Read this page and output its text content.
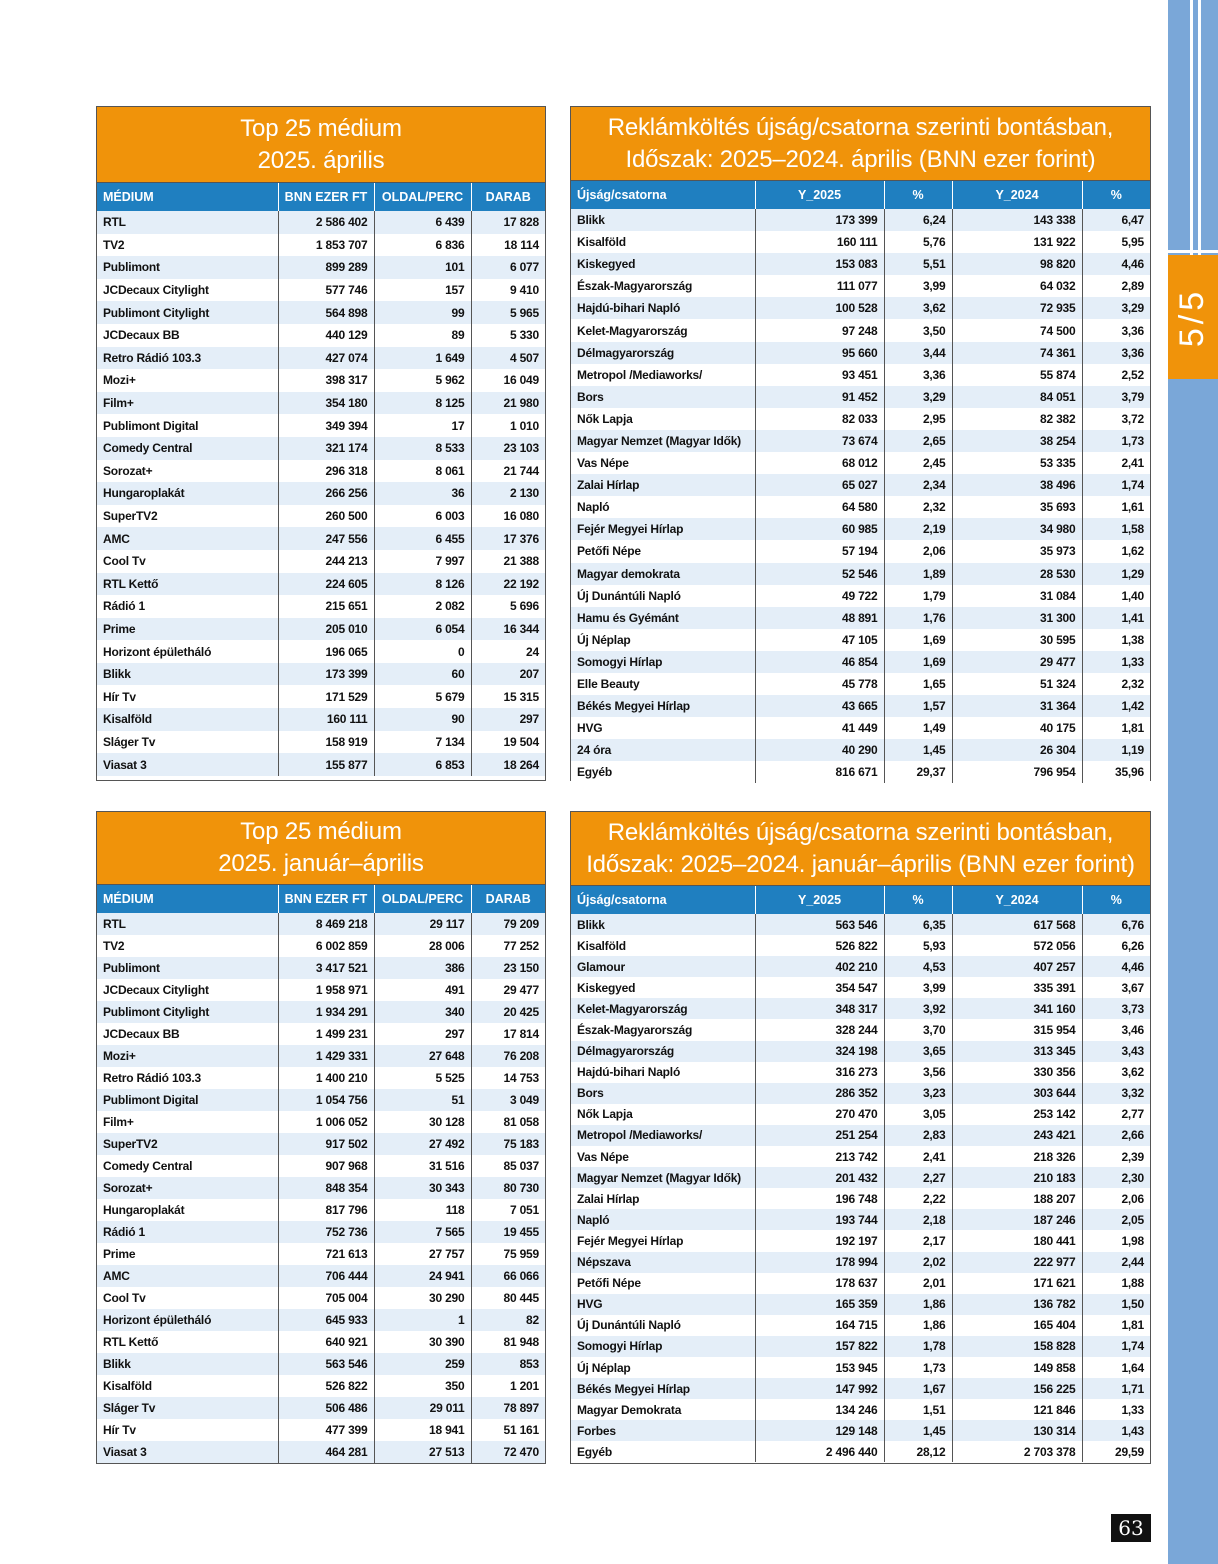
Top 25 médium
2025. április
MÉDIUM	BNN EZER FT	OLDAL/PERC	DARAB
RTL	2 586 402	6 439	17 828
TV2	1 853 707	6 836	18 114
Publimont	899 289	101	6 077
JCDecaux Citylight	577 746	157	9 410
Publimont Citylight	564 898	99	5 965
JCDecaux BB	440 129	89	5 330
Retro Rádió 103.3	427 074	1 649	4 507
Mozi+	398 317	5 962	16 049
Film+	354 180	8 125	21 980
Publimont Digital	349 394	17	1 010
Comedy Central	321 174	8 533	23 103
Sorozat+	296 318	8 061	21 744
Hungaroplakát	266 256	36	2 130
SuperTV2	260 500	6 003	16 080
AMC	247 556	6 455	17 376
Cool Tv	244 213	7 997	21 388
RTL Kettő	224 605	8 126	22 192
Rádió 1	215 651	2 082	5 696
Prime	205 010	6 054	16 344
Horizont épületháló	196 065	0	24
Blikk	173 399	60	207
Hír Tv	171 529	5 679	15 315
Kisalföld	160 111	90	297
Sláger Tv	158 919	7 134	19 504
Viasat 3	155 877	6 853	18 264
Reklámköltés újság/csatorna szerinti bontásban,
Időszak: 2025–2024. április (BNN ezer forint)
Újság/csatorna	Y_2025	%	Y_2024	%
Blikk	173 399	6,24	143 338	6,47
Kisalföld	160 111	5,76	131 922	5,95
Kiskegyed	153 083	5,51	98 820	4,46
Észak-Magyarország	111 077	3,99	64 032	2,89
Hajdú-bihari Napló	100 528	3,62	72 935	3,29
Kelet-Magyarország	97 248	3,50	74 500	3,36
Délmagyarország	95 660	3,44	74 361	3,36
Metropol /Mediaworks/	93 451	3,36	55 874	2,52
Bors	91 452	3,29	84 051	3,79
Nők Lapja	82 033	2,95	82 382	3,72
Magyar Nemzet (Magyar Idők)	73 674	2,65	38 254	1,73
Vas Népe	68 012	2,45	53 335	2,41
Zalai Hírlap	65 027	2,34	38 496	1,74
Napló	64 580	2,32	35 693	1,61
Fejér Megyei Hírlap	60 985	2,19	34 980	1,58
Petőfi Népe	57 194	2,06	35 973	1,62
Magyar demokrata	52 546	1,89	28 530	1,29
Új Dunántúli Napló	49 722	1,79	31 084	1,40
Hamu és Gyémánt	48 891	1,76	31 300	1,41
Új Néplap	47 105	1,69	30 595	1,38
Somogyi Hírlap	46 854	1,69	29 477	1,33
Elle Beauty	45 778	1,65	51 324	2,32
Békés Megyei Hírlap	43 665	1,57	31 364	1,42
HVG	41 449	1,49	40 175	1,81
24 óra	40 290	1,45	26 304	1,19
Egyéb	816 671	29,37	796 954	35,96
Top 25 médium
2025. január–április
MÉDIUM	BNN EZER FT	OLDAL/PERC	DARAB
RTL	8 469 218	29 117	79 209
TV2	6 002 859	28 006	77 252
Publimont	3 417 521	386	23 150
JCDecaux Citylight	1 958 971	491	29 477
Publimont Citylight	1 934 291	340	20 425
JCDecaux BB	1 499 231	297	17 814
Mozi+	1 429 331	27 648	76 208
Retro Rádió 103.3	1 400 210	5 525	14 753
Publimont Digital	1 054 756	51	3 049
Film+	1 006 052	30 128	81 058
SuperTV2	917 502	27 492	75 183
Comedy Central	907 968	31 516	85 037
Sorozat+	848 354	30 343	80 730
Hungaroplakát	817 796	118	7 051
Rádió 1	752 736	7 565	19 455
Prime	721 613	27 757	75 959
AMC	706 444	24 941	66 066
Cool Tv	705 004	30 290	80 445
Horizont épületháló	645 933	1	82
RTL Kettő	640 921	30 390	81 948
Blikk	563 546	259	853
Kisalföld	526 822	350	1 201
Sláger Tv	506 486	29 011	78 897
Hír Tv	477 399	18 941	51 161
Viasat 3	464 281	27 513	72 470
Reklámköltés újság/csatorna szerinti bontásban,
Időszak: 2025–2024. január–április (BNN ezer forint)
Újság/csatorna	Y_2025	%	Y_2024	%
Blikk	563 546	6,35	617 568	6,76
Kisalföld	526 822	5,93	572 056	6,26
Glamour	402 210	4,53	407 257	4,46
Kiskegyed	354 547	3,99	335 391	3,67
Kelet-Magyarország	348 317	3,92	341 160	3,73
Észak-Magyarország	328 244	3,70	315 954	3,46
Délmagyarország	324 198	3,65	313 345	3,43
Hajdú-bihari Napló	316 273	3,56	330 356	3,62
Bors	286 352	3,23	303 644	3,32
Nők Lapja	270 470	3,05	253 142	2,77
Metropol /Mediaworks/	251 254	2,83	243 421	2,66
Vas Népe	213 742	2,41	218 326	2,39
Magyar Nemzet (Magyar Idők)	201 432	2,27	210 183	2,30
Zalai Hírlap	196 748	2,22	188 207	2,06
Napló	193 744	2,18	187 246	2,05
Fejér Megyei Hírlap	192 197	2,17	180 441	1,98
Népszava	178 994	2,02	222 977	2,44
Petőfi Népe	178 637	2,01	171 621	1,88
HVG	165 359	1,86	136 782	1,50
Új Dunántúli Napló	164 715	1,86	165 404	1,81
Somogyi Hírlap	157 822	1,78	158 828	1,74
Új Néplap	153 945	1,73	149 858	1,64
Békés Megyei Hírlap	147 992	1,67	156 225	1,71
Magyar Demokrata	134 246	1,51	121 846	1,33
Forbes	129 148	1,45	130 314	1,43
Egyéb	2 496 440	28,12	2 703 378	29,59
5/5
63
